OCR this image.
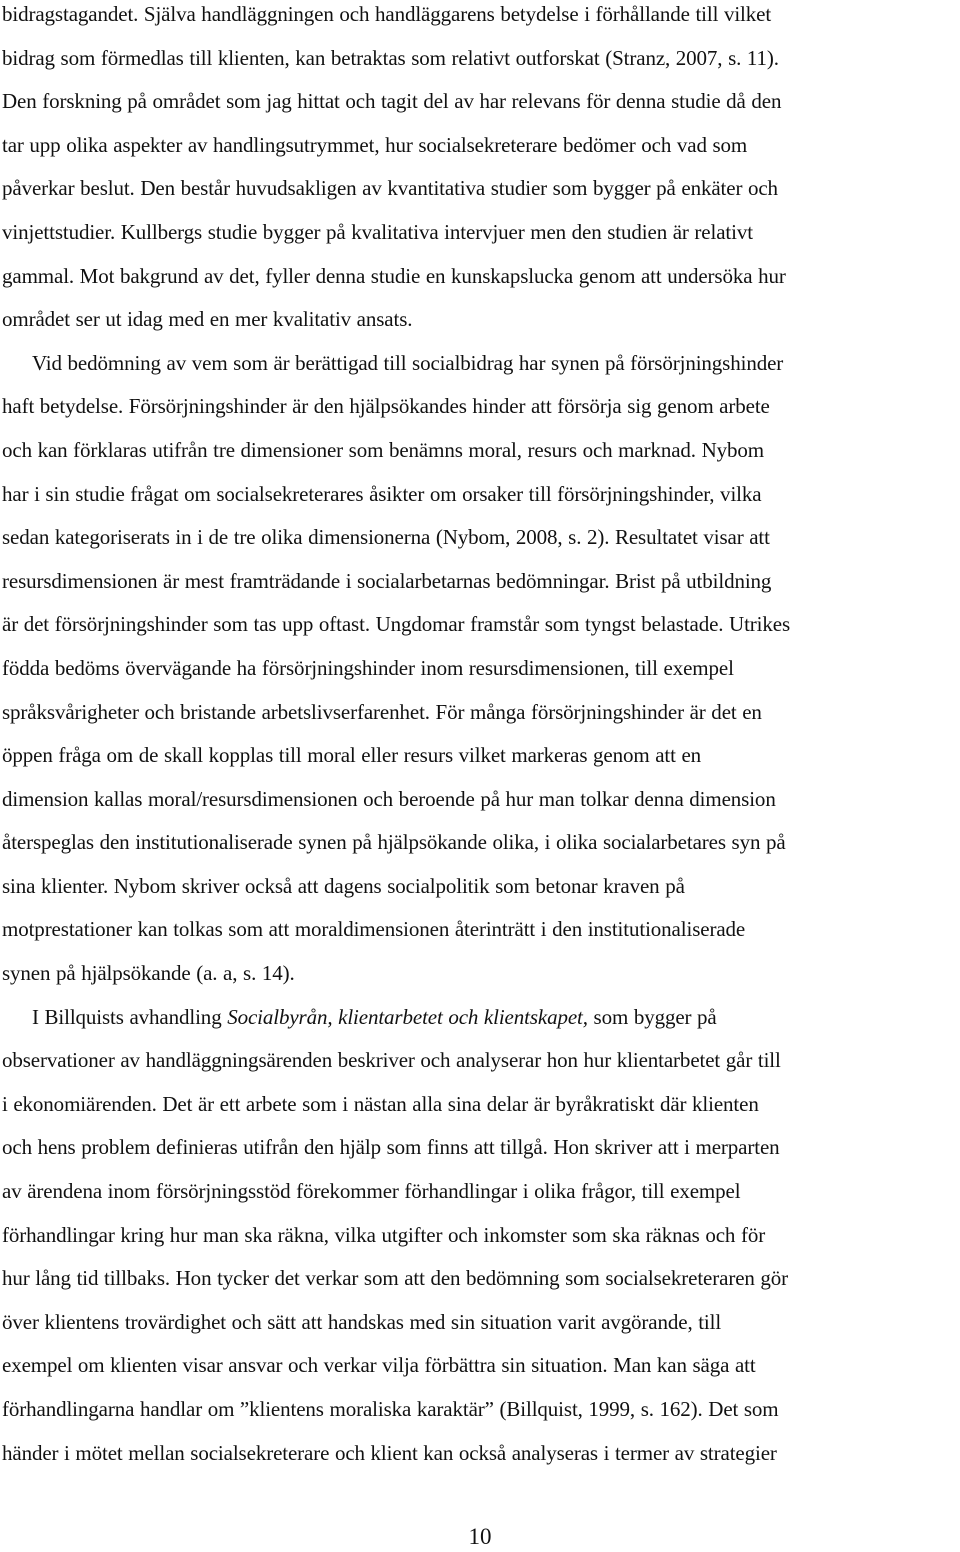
bidragstagandet. Själva handläggningen och handläggarens betydelse i förhållande till vilket
bidrag som förmedlas till klienten, kan betraktas som relativt outforskat (Stranz, 2007, s. 11).
Den forskning på området som jag hittat och tagit del av har relevans för denna studie då den
tar upp olika aspekter av handlingsutrymmet, hur socialsekreterare bedömer och vad som
påverkar beslut. Den består huvudsakligen av kvantitativa studier som bygger på enkäter och
vinjettstudier. Kullbergs studie bygger på kvalitativa intervjuer men den studien är relativt
gammal. Mot bakgrund av det, fyller denna studie en kunskapslucka genom att undersöka hur
området ser ut idag med en mer kvalitativ ansats.
Vid bedömning av vem som är berättigad till socialbidrag har synen på försörjningshinder
haft betydelse. Försörjningshinder är den hjälpsökandes hinder att försörja sig genom arbete
och kan förklaras utifrån tre dimensioner som benämns moral, resurs och marknad. Nybom
har i sin studie frågat om socialsekreterares åsikter om orsaker till försörjningshinder, vilka
sedan kategoriserats in i de tre olika dimensionerna (Nybom, 2008, s. 2). Resultatet visar att
resursdimensionen är mest framträdande i socialarbetarnas bedömningar. Brist på utbildning
är det försörjningshinder som tas upp oftast. Ungdomar framstår som tyngst belastade. Utrikes
födda bedöms övervägande ha försörjningshinder inom resursdimensionen, till exempel
språksvårigheter och bristande arbetslivserfarenhet. För många försörjningshinder är det en
öppen fråga om de skall kopplas till moral eller resurs vilket markeras genom att en
dimension kallas moral/resursdimensionen och beroende på hur man tolkar denna dimension
återspeglas den institutionaliserade synen på hjälpsökande olika, i olika socialarbetares syn på
sina klienter. Nybom skriver också att dagens socialpolitik som betonar kraven på
motprestationer kan tolkas som att moraldimensionen återinträtt i den institutionaliserade
synen på hjälpsökande (a. a, s. 14).
I Billquists avhandling Socialbyrån, klientarbetet och klientskapet, som bygger på
observationer av handläggningsärenden beskriver och analyserar hon hur klientarbetet går till
i ekonomiärenden. Det är ett arbete som i nästan alla sina delar är byråkratiskt där klienten
och hens problem definieras utifrån den hjälp som finns att tillgå. Hon skriver att i merparten
av ärendena inom försörjningsstöd förekommer förhandlingar i olika frågor, till exempel
förhandlingar kring hur man ska räkna, vilka utgifter och inkomster som ska räknas och för
hur lång tid tillbaks. Hon tycker det verkar som att den bedömning som socialsekreteraren gör
över klientens trovärdighet och sätt att handskas med sin situation varit avgörande, till
exempel om klienten visar ansvar och verkar vilja förbättra sin situation. Man kan säga att
förhandlingarna handlar om ”klientens moraliska karaktär” (Billquist, 1999, s. 162). Det som
händer i mötet mellan socialsekreterare och klient kan också analyseras i termer av strategier
10
